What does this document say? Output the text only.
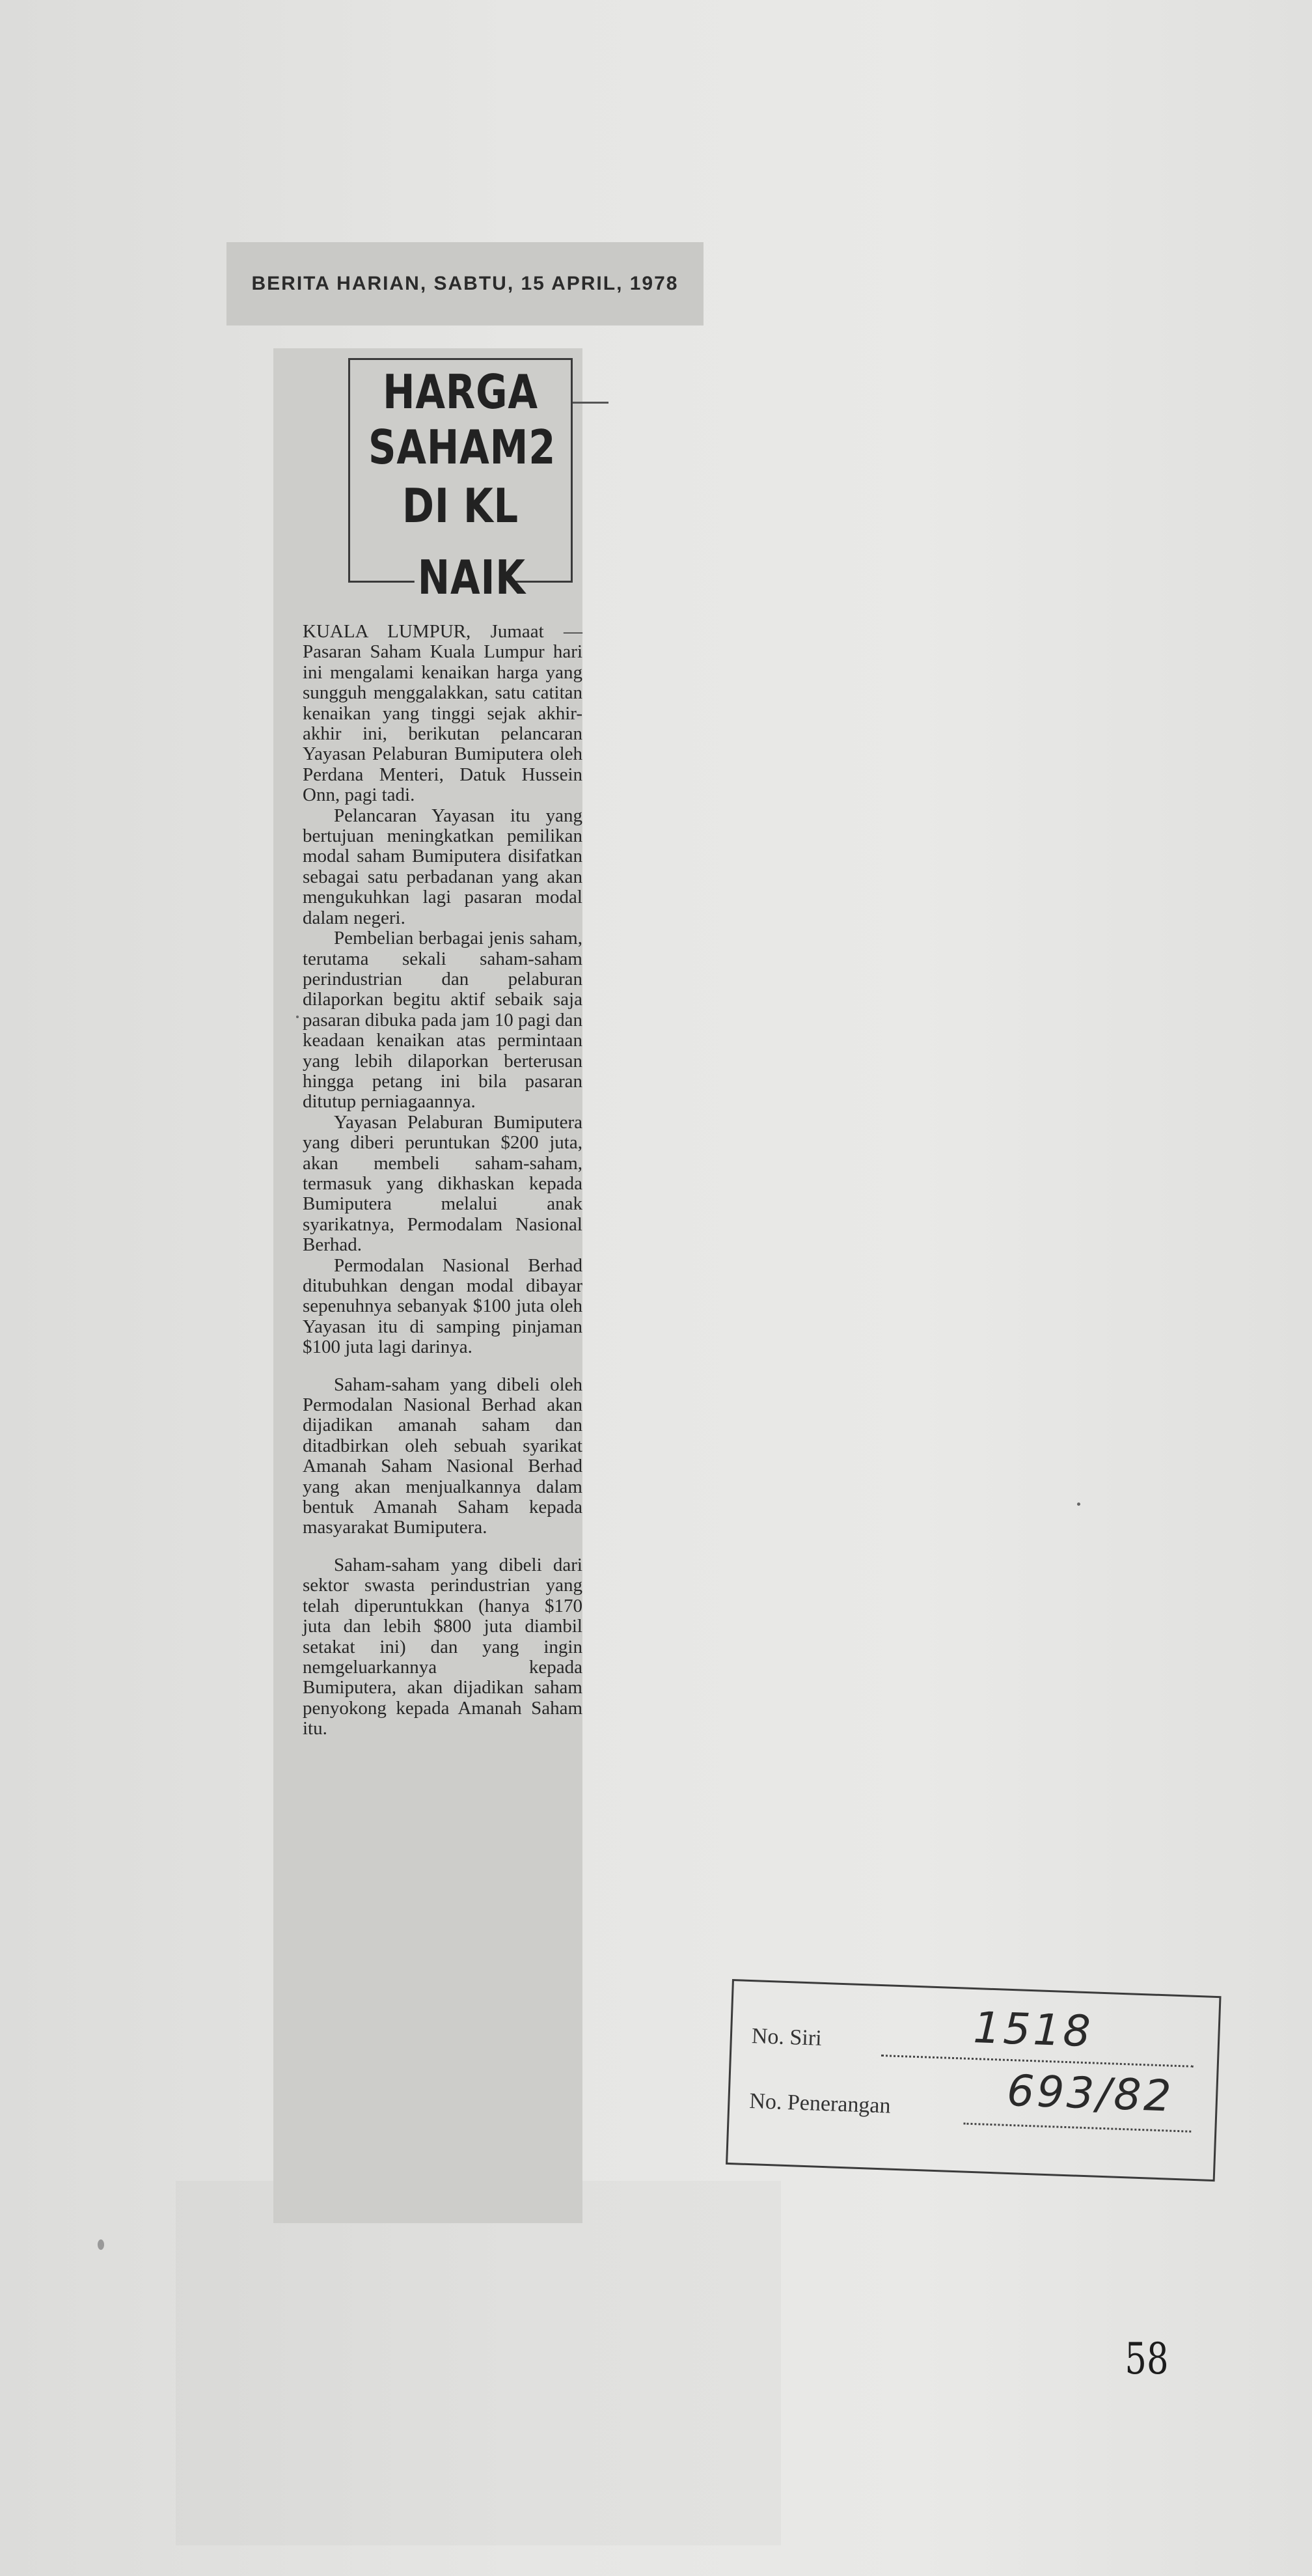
BERITA HARIAN, SABTU, 15 APRIL, 1978
HARGA
SAHAM2
DI KL
NAIK

KUALA LUMPUR, Jumaat — Pasaran Saham Kuala Lumpur hari ini mengalami kenaikan harga yang sungguh menggalakkan, satu catitan kenaikan yang tinggi sejak akhir-akhir ini, berikutan pelancaran Yayasan Pelaburan Bumiputera oleh Perdana Menteri, Datuk Hussein Onn, pagi tadi.

Pelancaran Yayasan itu yang bertujuan meningkatkan pemilikan modal saham Bumiputera disifatkan sebagai satu perbadanan yang akan mengukuhkan lagi pasaran modal dalam negeri.

Pembelian berbagai jenis saham, terutama sekali saham-saham perindustrian dan pelaburan dilaporkan begitu aktif sebaik saja pasaran dibuka pada jam 10 pagi dan keadaan kenaikan atas permintaan yang lebih dilaporkan berterusan hingga petang ini bila pasaran ditutup perniagaannya.

Yayasan Pelaburan Bumiputera yang diberi peruntukan $200 juta, akan membeli saham-saham, termasuk yang dikhaskan kepada Bumiputera melalui anak syarikatnya, Permodalam Nasional Berhad.

Permodalan Nasional Berhad ditubuhkan dengan modal dibayar sepenuhnya sebanyak $100 juta oleh Yayasan itu di samping pinjaman $100 juta lagi darinya.

Saham-saham yang dibeli oleh Permodalan Nasional Berhad akan dijadikan amanah saham dan ditadbirkan oleh sebuah syarikat Amanah Saham Nasional Berhad yang akan menjualkannya dalam bentuk Amanah Saham kepada masyarakat Bumiputera.

Saham-saham yang dibeli dari sektor swasta perindustrian yang telah diperuntukkan (hanya $170 juta dan lebih $800 juta diambil setakat ini) dan yang ingin nemgeluarkannya kepada Bumiputera, akan dijadikan saham penyokong kepada Amanah Saham itu.

No. Siri	1518
No. Penerangan	693/82
58
